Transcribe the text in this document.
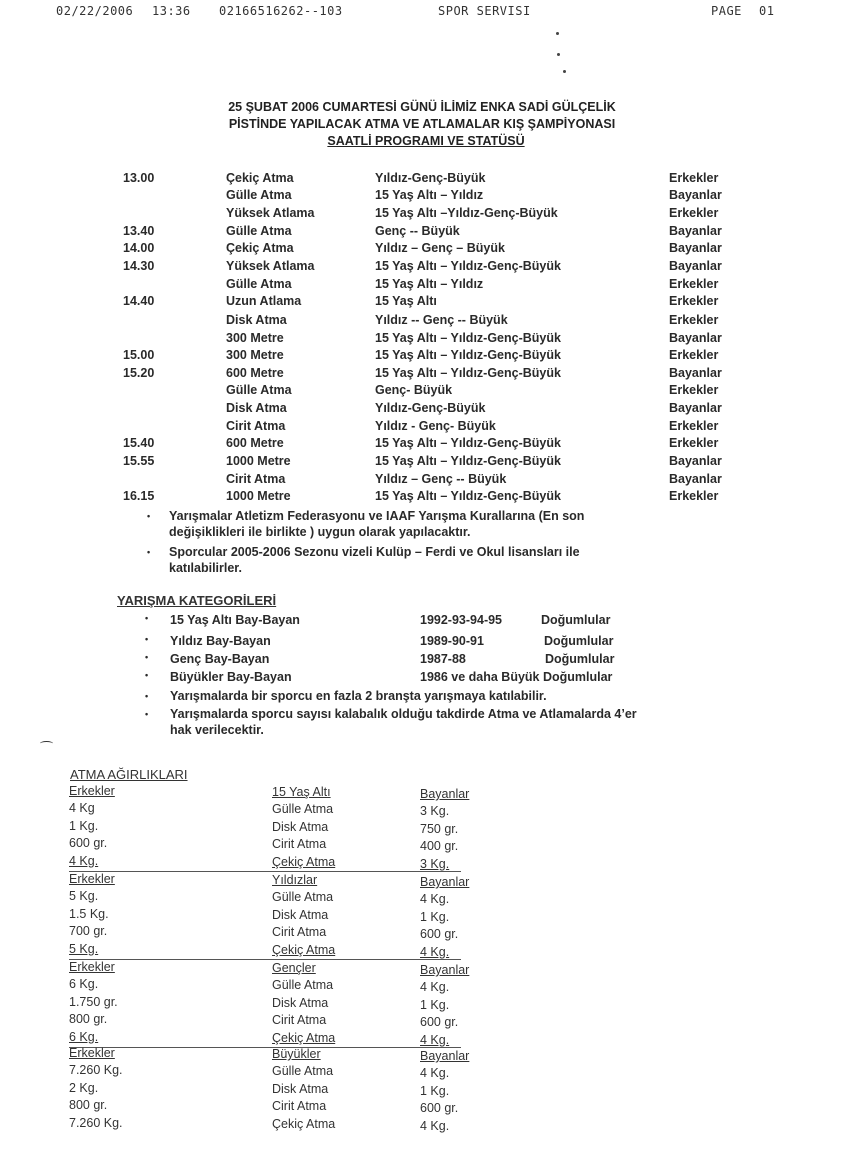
02/22/2006 13:36 02166516262--103	SPOR SERVISI	PAGE 01
25 ŞUBAT 2006 CUMARTESİ GÜNÜ İLİMİZ ENKA SADİ GÜLÇELİK
PİSTİNDE YAPILACAK ATMA VE ATLAMALAR KIŞ ŞAMPİYONASI
SAATLİ PROGRAMI VE STATÜSÜ
13.00	Çekiç Atma	Yıldız-Genç-Büyük	Erkekler
Gülle Atma	15 Yaş Altı – Yıldız	Bayanlar
Yüksek Atlama	15 Yaş Altı –Yıldız-Genç-Büyük	Erkekler
13.40	Gülle Atma	Genç -- Büyük	Bayanlar
14.00	Çekiç Atma	Yıldız – Genç – Büyük	Bayanlar
14.30	Yüksek Atlama	15 Yaş Altı – Yıldız-Genç-Büyük	Bayanlar
Gülle Atma	15 Yaş Altı – Yıldız	Erkekler
14.40	Uzun Atlama	15 Yaş Altı	Erkekler
Disk Atma	Yıldız -- Genç -- Büyük	Erkekler
300 Metre	15 Yaş Altı – Yıldız-Genç-Büyük	Bayanlar
15.00	300 Metre	15 Yaş Altı – Yıldız-Genç-Büyük	Erkekler
15.20	600 Metre	15 Yaş Altı – Yıldız-Genç-Büyük	Bayanlar
Gülle Atma	Genç- Büyük	Erkekler
Disk Atma	Yıldız-Genç-Büyük	Bayanlar
Cirit Atma	Yıldız - Genç- Büyük	Erkekler
15.40	600 Metre	15 Yaş Altı – Yıldız-Genç-Büyük	Erkekler
15.55	1000 Metre	15 Yaş Altı – Yıldız-Genç-Büyük	Bayanlar
Cirit Atma	Yıldız – Genç -- Büyük	Bayanlar
16.15	1000 Metre	15 Yaş Altı – Yıldız-Genç-Büyük	Erkekler
• Yarışmalar Atletizm Federasyonu ve IAAF Yarışma Kurallarına (En son
değişiklikleri ile birlikte ) uygun olarak yapılacaktır.
• Sporcular 2005-2006 Sezonu vizeli Kulüp – Ferdi ve Okul lisansları ile
katılabilirler.
YARIŞMA KATEGORİLERİ
• 15 Yaş Altı Bay-Bayan	1992-93-94-95	Doğumlular
• Yıldız Bay-Bayan	1989-90-91	Doğumlular
• Genç Bay-Bayan	1987-88	Doğumlular
• Büyükler Bay-Bayan	1986 ve daha Büyük Doğumlular
• Yarışmalarda bir sporcu en fazla 2 branşta yarışmaya katılabilir.
• Yarışmalarda sporcu sayısı kalabalık olduğu takdirde Atma ve Atlamalarda 4’er
hak verilecektir.
ATMA AĞIRLIKLARI
Erkekler	15 Yaş Altı	Bayanlar
4 Kg	Gülle Atma	3 Kg.
1 Kg.	Disk Atma	750 gr.
600 gr.	Cirit Atma	400 gr.
4 Kg.	Çekiç Atma	3 Kg.
Erkekler	Yıldızlar	Bayanlar
5 Kg.	Gülle Atma	4 Kg.
1.5 Kg.	Disk Atma	1 Kg.
700 gr.	Cirit Atma	600 gr.
5 Kg.	Çekiç Atma	4 Kg.
Erkekler	Gençler	Bayanlar
6 Kg.	Gülle Atma	4 Kg.
1.750 gr.	Disk Atma	1 Kg.
800 gr.	Cirit Atma	600 gr.
6 Kg.	Çekiç Atma	4 Kg.
Erkekler	Büyükler	Bayanlar
7.260 Kg.	Gülle Atma	4 Kg.
2 Kg.	Disk Atma	1 Kg.
800 gr.	Cirit Atma	600 gr.
7.260 Kg.	Çekiç Atma	4 Kg.
